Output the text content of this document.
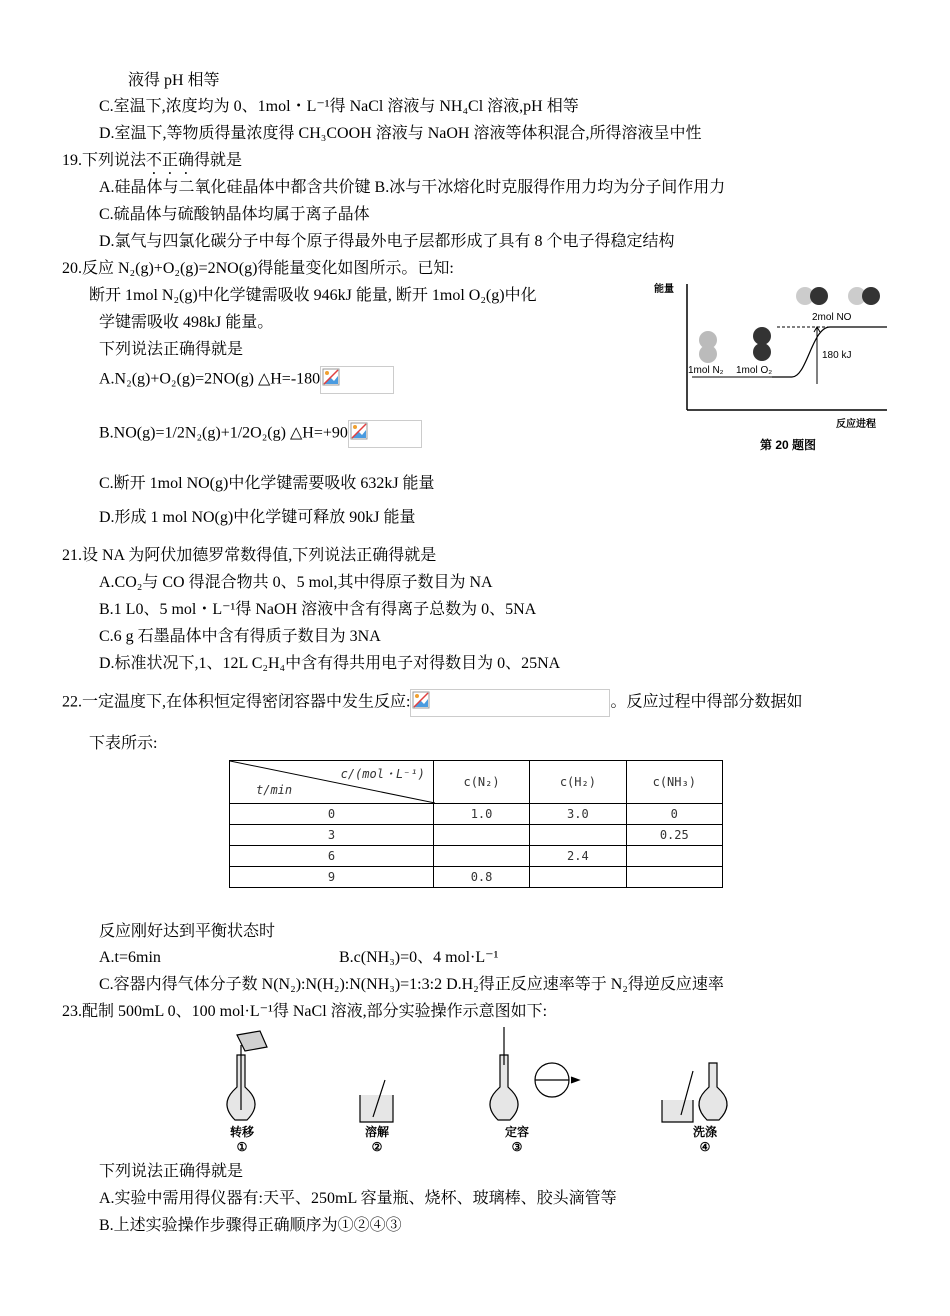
液得 pH 相等
C.室温下,浓度均为 0、1mol・L⁻¹得 NaCl 溶液与 NH₄Cl 溶液,pH 相等
D.室温下,等物质得量浓度得 CH₃COOH 溶液与 NaOH 溶液等体积混合,所得溶液呈中性
19.下列说法不正确得就是
A.硅晶体与二氧化硅晶体中都含共价键 B.冰与干冰熔化时克服得作用力均为分子间作用力
C.硫晶体与硫酸钠晶体均属于离子晶体
D.氯气与四氯化碳分子中每个原子得最外电子层都形成了具有 8 个电子得稳定结构
20.反应 N₂(g)+O₂(g)=2NO(g)得能量变化如图所示。已知:
断开 1mol N₂(g)中化学键需吸收 946kJ 能量, 断开 1mol O₂(g)中化
学键需吸收 498kJ 能量。
下列说法正确得就是
A.N₂(g)+O₂(g)=2NO(g) △H=-180
B.NO(g)=1/2N₂(g)+1/2O₂(g) △H=+90
C.断开 1mol NO(g)中化学键需要吸收 632kJ 能量
D.形成 1 mol NO(g)中化学键可释放 90kJ 能量
能量
1mol N₂ 1mol O₂
2mol NO
180 kJ
反应进程
第 20 题图
21.设 NA 为阿伏加德罗常数得值,下列说法正确得就是
A.CO₂与 CO 得混合物共 0、5 mol,其中得原子数目为 NA
B.1 L0、5 mol・L⁻¹得 NaOH 溶液中含有得离子总数为 0、5NA
C.6 g 石墨晶体中含有得质子数目为 3NA
D.标准状况下,1、12L C₂H₄中含有得共用电子对得数目为 0、25NA
22.一定温度下,在体积恒定得密闭容器中发生反应:	。反应过程中得部分数据如
下表所示:
c/(mol・L⁻¹)
t/min	c(N₂)	c(H₂)	c(NH₃)
0	1.0	3.0	0
3			0.25
6		2.4	
9	0.8		
反应刚好达到平衡状态时
A.t=6min	B.c(NH₃)=0、4 mol·L⁻¹
C.容器内得气体分子数 N(N₂):N(H₂):N(NH₃)=1:3:2 D.H₂得正反应速率等于 N₂得逆反应速率
23.配制 500mL 0、100 mol·L⁻¹得 NaCl 溶液,部分实验操作示意图如下:
转移
①
溶解
②
定容
③
洗涤
④
下列说法正确得就是
A.实验中需用得仪器有:天平、250mL 容量瓶、烧杯、玻璃棒、胶头滴管等
B.上述实验操作步骤得正确顺序为①②④③
